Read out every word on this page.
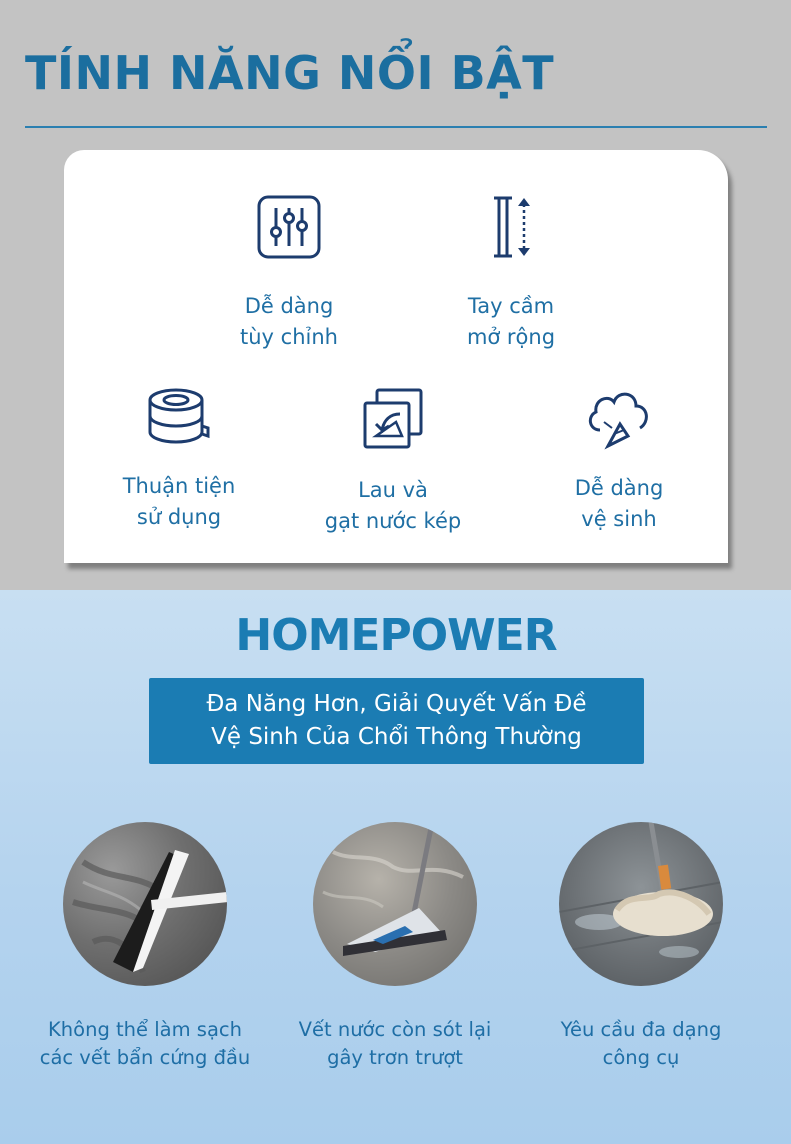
TÍNH NĂNG NỔI BẬT
Dễ dàng
tùy chỉnh
Tay cầm
mở rộng
Thuận tiện
sử dụng
Lau và
gạt nước kép
Dễ dàng
vệ sinh
HOMEPOWER
Đa Năng Hơn, Giải Quyết Vấn Đề
Vệ Sinh Của Chổi Thông Thường
Không thể làm sạch
các vết bẩn cứng đầu
Vết nước còn sót lại
gây trơn trượt
Yêu cầu đa dạng
công cụ
